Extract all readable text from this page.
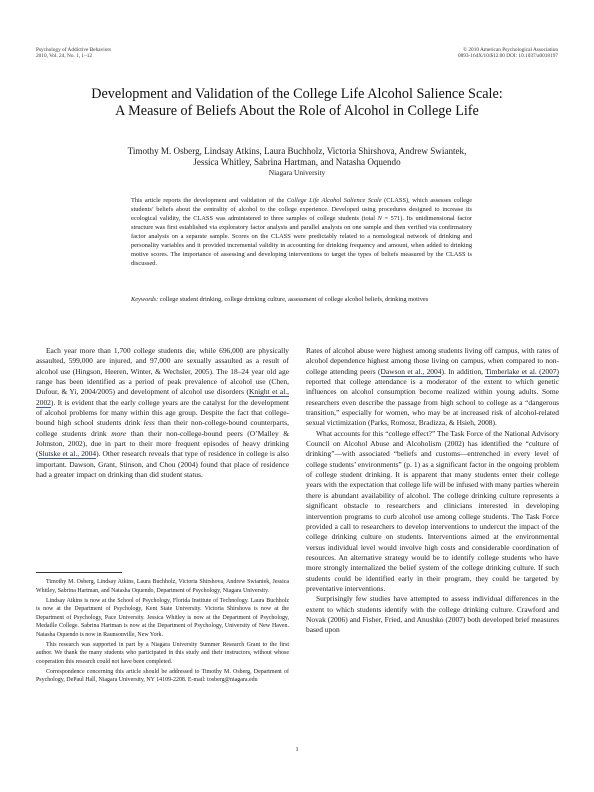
Psychology of Addictive Behaviors
2010, Vol. 24, No. 1, 1–12
© 2010 American Psychological Association
0893-164X/10/$12.00 DOI: 10.1037/a0018197
Development and Validation of the College Life Alcohol Salience Scale:
A Measure of Beliefs About the Role of Alcohol in College Life
Timothy M. Osberg, Lindsay Atkins, Laura Buchholz, Victoria Shirshova, Andrew Swiantek,
Jessica Whitley, Sabrina Hartman, and Natasha Oquendo
Niagara University
This article reports the development and validation of the College Life Alcohol Salience Scale (CLASS), which assesses college students’ beliefs about the centrality of alcohol to the college experience. Developed using procedures designed to increase its ecological validity, the CLASS was administered to three samples of college students (total N = 571). Its unidimensional factor structure was first established via exploratory factor analysis and parallel analysis on one sample and then verified via confirmatory factor analysis on a separate sample. Scores on the CLASS were predictably related to a nomological network of drinking and personality variables and it provided incremental validity in accounting for drinking frequency and amount, when added to drinking motive scores. The importance of assessing and developing interventions to target the types of beliefs measured by the CLASS is discussed.
Keywords: college student drinking, college drinking culture, assessment of college alcohol beliefs, drinking motives

Each year more than 1,700 college students die, while 696,000 are physically assaulted, 599,000 are injured, and 97,000 are sexually assaulted as a result of alcohol use (Hingson, Heeren, Winter, & Wechsler, 2005). The 18–24 year old age range has been identified as a period of peak prevalence of alcohol use (Chen, Dufour, & Yi, 2004/2005) and development of alcohol use disorders (Knight et al., 2002). It is evident that the early college years are the catalyst for the development of alcohol problems for many within this age group. Despite the fact that college-bound high school students drink less than their non-college-bound counterparts, college students drink more than their non-college-bound peers (O’Malley & Johnston, 2002), due in part to their more frequent episodes of heavy drinking (Slutske et al., 2004). Other research reveals that type of residence in college is also important. Dawson, Grant, Stinson, and Chou (2004) found that place of residence had a greater impact on drinking than did student status.

Timothy M. Osberg, Lindsay Atkins, Laura Buchholz, Victoria Shirshova, Andrew Swiantek, Jessica Whitley, Sabrina Hartman, and Natasha Oquendo, Department of Psychology, Niagara University.

Lindsay Atkins is now at the School of Psychology, Florida Institute of Technology. Laura Buchholz is now at the Department of Psychology, Kent State University. Victoria Shirshova is now at the Department of Psychology, Pace University. Jessica Whitley is now at the Department of Psychology, Medaille College. Sabrina Hartman is now at the Department of Psychology, University of New Haven. Natasha Oquendo is now in Raunsonville, New York.

This research was supported in part by a Niagara University Summer Research Grant to the first author. We thank the many students who participated in this study and their instructors, without whose cooperation this research could not have been completed.

Correspondence concerning this article should be addressed to Timothy M. Osberg, Department of Psychology, DePaul Hall, Niagara University, NY 14109-2208. E-mail: tosberg@niagara.edu

Rates of alcohol abuse were highest among students living off campus, with rates of alcohol dependence highest among those living on campus, when compared to non-college attending peers (Dawson et al., 2004). In addition, Timberlake et al. (2007) reported that college attendance is a moderator of the extent to which genetic influences on alcohol consumption become realized within young adults. Some researchers even describe the passage from high school to college as a “dangerous transition,” especially for women, who may be at increased risk of alcohol-related sexual victimization (Parks, Romosz, Bradizza, & Hsieh, 2008).

What accounts for this “college effect?” The Task Force of the National Advisory Council on Alcohol Abuse and Alcoholism (2002) has identified the “culture of drinking”—with associated “beliefs and customs—entrenched in every level of college students’ environments” (p. 1) as a significant factor in the ongoing problem of college student drinking. It is apparent that many students enter their college years with the expectation that college life will be infused with many parties wherein there is abundant availability of alcohol. The college drinking culture represents a significant obstacle to researchers and clinicians interested in developing intervention programs to curb alcohol use among college students. The Task Force provided a call to researchers to develop interventions to undercut the impact of the college drinking culture on students. Interventions aimed at the environmental versus individual level would involve high costs and considerable coordination of resources. An alternative strategy would be to identify college students who have more strongly internalized the belief system of the college drinking culture. If such students could be identified early in their program, they could be targeted by preventative interventions.

Surprisingly few studies have attempted to assess individual differences in the extent to which students identify with the college drinking culture. Crawford and Novak (2006) and Fisher, Fried, and Anushko (2007) both developed brief measures based upon

1
